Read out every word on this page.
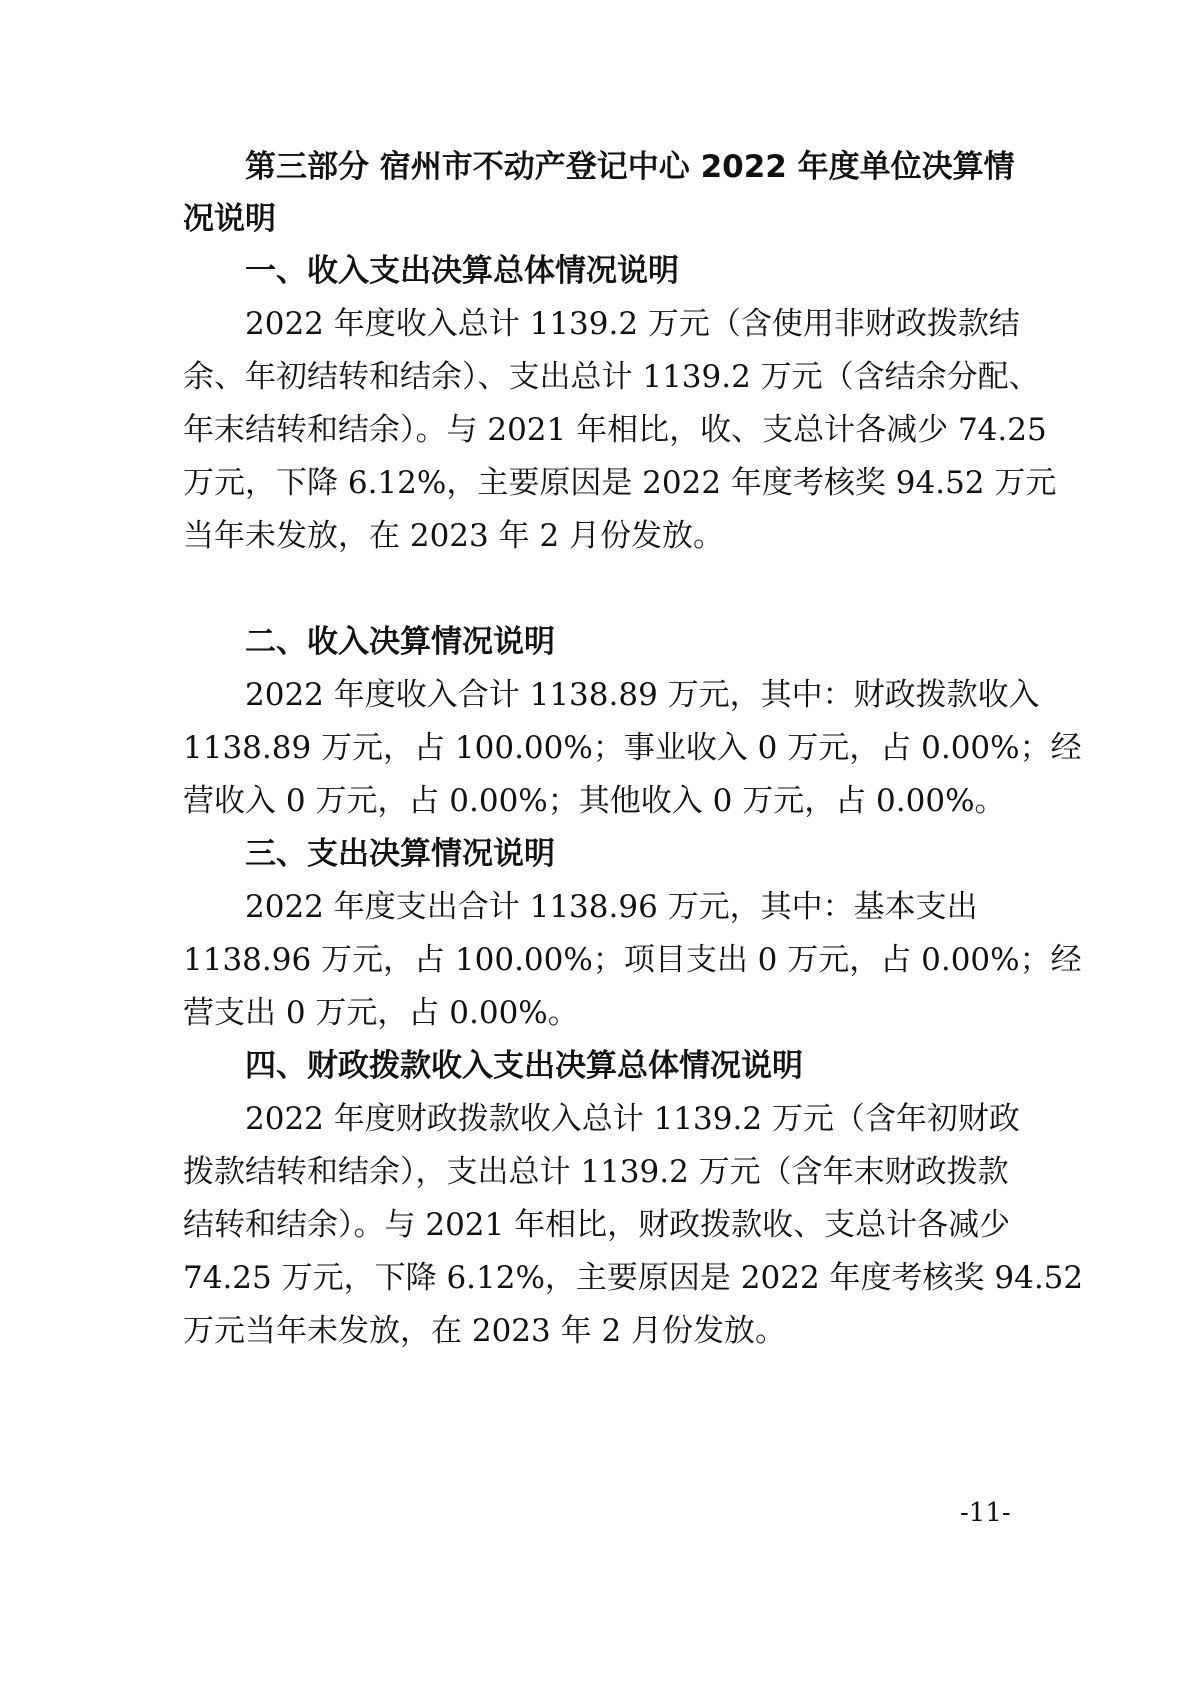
第三部分 宿州市不动产登记中心 2022 年度单位决算情
况说明
一、收入支出决算总体情况说明
2022 年度收入总计 1139.2 万元（含使用非财政拨款结
余、年初结转和结余）、支出总计 1139.2 万元（含结余分配、
年末结转和结余）。与 2021 年相比，收、支总计各减少 74.25
万元，下降 6.12%，主要原因是 2022 年度考核奖 94.52 万元
当年未发放，在 2023 年 2 月份发放。
二、收入决算情况说明
2022 年度收入合计 1138.89 万元，其中：财政拨款收入
1138.89 万元，占 100.00%；事业收入 0 万元，占 0.00%；经
营收入 0 万元，占 0.00%；其他收入 0 万元，占 0.00%。
三、支出决算情况说明
2022 年度支出合计 1138.96 万元，其中：基本支出
1138.96 万元，占 100.00%；项目支出 0 万元，占 0.00%；经
营支出 0 万元，占 0.00%。
四、财政拨款收入支出决算总体情况说明
2022 年度财政拨款收入总计 1139.2 万元（含年初财政
拨款结转和结余），支出总计 1139.2 万元（含年末财政拨款
结转和结余）。与 2021 年相比，财政拨款收、支总计各减少
74.25 万元，下降 6.12%，主要原因是 2022 年度考核奖 94.52
万元当年未发放，在 2023 年 2 月份发放。
-11-
